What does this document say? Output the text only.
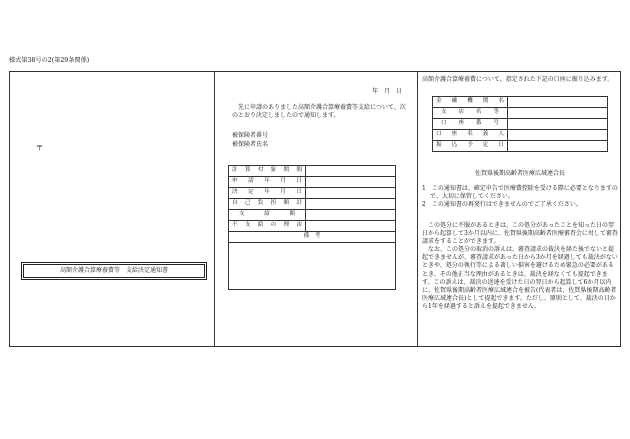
様式第38号の2(第29条関係)
〒
高額介護合算療養費等　支給決定通知書
年　月　日
先に申請のありました高額介護合算療養費等支給について、次のとおり決定しましたので通知します。
被保険者番号
被保険者氏名
計算対象期間	
申請年月日	
決定年月日	
自己負担額計	
支給額	
不支給の理由	
備　考	

高額介護合算療養費について、指定された下記の口座に振り込みます。
金融機関名	
支店名等	
口座番号	
口座名義人	
振込予定日	
佐賀県後期高齢者医療広域連合長

1　この通知書は、確定申告で医療費控除を受ける際に必要となりますので、大切に保管してください。

2　この通知書の再発行はできませんのでご了承ください。

この処分に不服があるときは、この処分があったことを知った日の翌日から起算して3か月以内に、佐賀県後期高齢者医療審査会に対して審査請求をすることができます。

なお、この処分の取消の訴えは、審査請求の裁決を経た後でないと提起できませんが、審査請求があった日から3か月を経過しても裁決がないときや、処分の執行等による著しい損害を避けるため緊急の必要があるとき、その他正当な理由があるときは、裁決を経なくても提起できます。この訴えは、裁決の送達を受けた日の翌日から起算して6か月以内に、佐賀県後期高齢者医療広域連合を被告(代表者は、佐賀県後期高齢者医療広域連合長)として提起できます。ただし、原則として、裁決の日から1年を経過すると訴えを提起できません。
